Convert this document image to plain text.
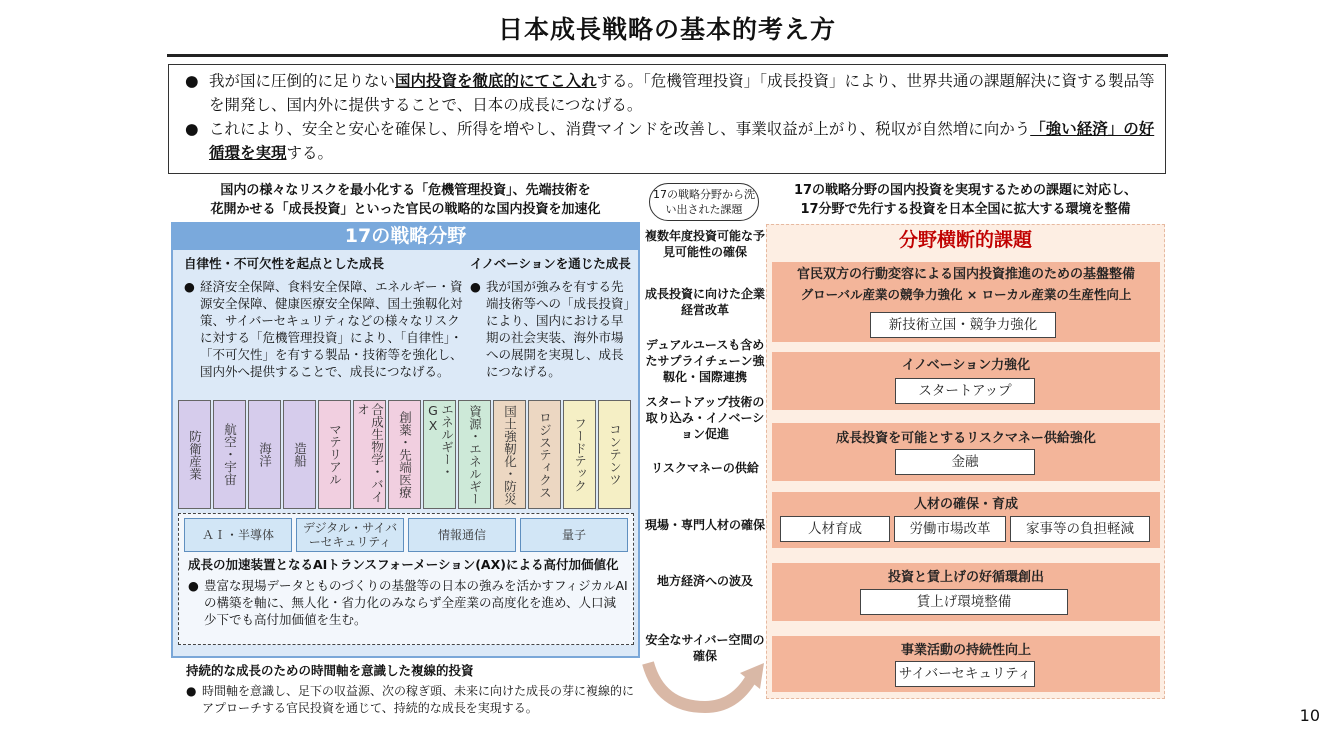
日本成長戦略の基本的考え方
● 我が国に圧倒的に足りない国内投資を徹底的にてこ入れする。「危機管理投資」「成長投資」により、世界共通の課題解決に資する製品等を開発し、国内外に提供することで、日本の成長につなげる。
● これにより、安全と安心を確保し、所得を増やし、消費マインドを改善し、事業収益が上がり、税収が自然増に向かう「強い経済」の好循環を実現する。
国内の様々なリスクを最小化する「危機管理投資」、先端技術を
花開かせる「成長投資」といった官民の戦略的な国内投資を加速化
17の戦略分野
自律性・不可欠性を起点とした成長
● 経済安全保障、食料安全保障、エネルギー・資源安全保障、健康医療安全保障、国土強靱化対策、サイバーセキュリティなどの様々なリスクに対する「危機管理投資」により、「自律性」・「不可欠性」を有する製品・技術等を強化し、国内外へ提供することで、成長につなげる。
イノベーションを通じた成長
● 我が国が強みを有する先端技術等への「成長投資」により、国内における早期の社会実装、海外市場への展開を実現し、成長につなげる。
防衛産業	航空・宇宙	海洋	造船	マテリアル	合成生物学・バイオ
創薬・先端医療	エネルギー・GX	資源・エネルギー	国土強靭化・防災	ロジスティクス	フードテック	コンテンツ
ＡＩ・半導体	デジタル・サイバーセキュリティ	情報通信	量子
成長の加速装置となるAIトランスフォーメーション(AX)による高付加価値化
● 豊富な現場データとものづくりの基盤等の日本の強みを活かすフィジカルAIの構築を軸に、無人化・省力化のみならず全産業の高度化を進め、人口減少下でも高付加価値を生む。
持続的な成長のための時間軸を意識した複線的投資
● 時間軸を意識し、足下の収益源、次の稼ぎ頭、未来に向けた成長の芽に複線的にアプローチする官民投資を通じて、持続的な成長を実現する。
17の戦略分野から洗い出された課題
複数年度投資可能な予見可能性の確保
成長投資に向けた企業経営改革
デュアルユースも含めたサプライチェーン強靱化・国際連携
スタートアップ技術の取り込み・イノベーション促進
リスクマネーの供給
現場・専門人材の確保
地方経済への波及
安全なサイバー空間の確保
17の戦略分野の国内投資を実現するための課題に対応し、
17分野で先行する投資を日本全国に拡大する環境を整備
分野横断的課題
官民双方の行動変容による国内投資推進のための基盤整備
グローバル産業の競争力強化 × ローカル産業の生産性向上
新技術立国・競争力強化
イノベーション力強化
スタートアップ
成長投資を可能とするリスクマネー供給強化
金融
人材の確保・育成
人材育成	労働市場改革	家事等の負担軽減
投資と賃上げの好循環創出
賃上げ環境整備
事業活動の持続性向上
サイバーセキュリティ
10
